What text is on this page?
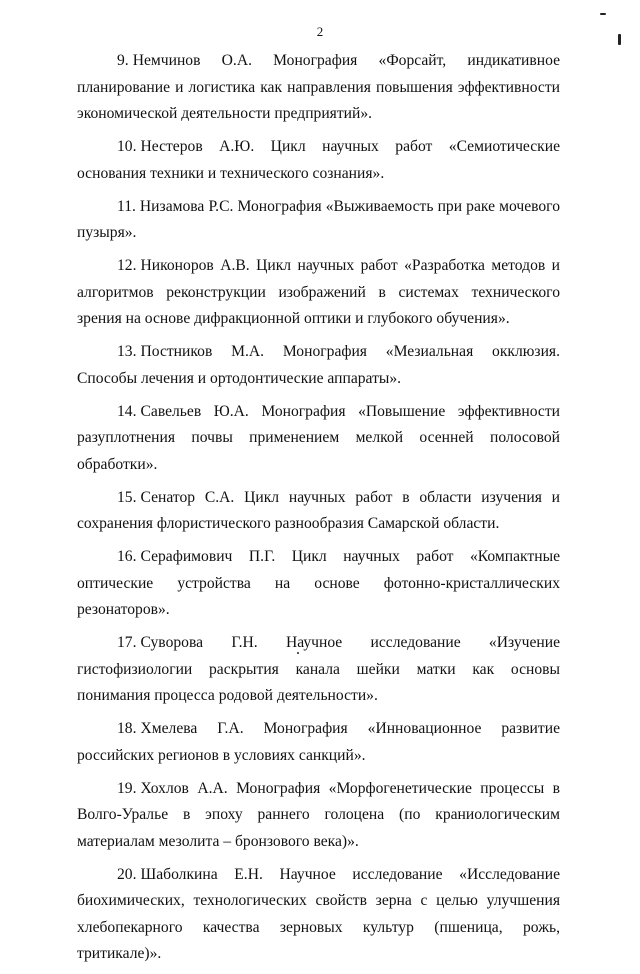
2

9. Немчинов О.А. Монография «Форсайт, индикативное планирование и логистика как направления повышения эффективности экономической деятельности предприятий».

10. Нестеров А.Ю. Цикл научных работ «Семиотические основания техники и технического сознания».

11. Низамова Р.С. Монография «Выживаемость при раке мочевого пузыря».

12. Никоноров А.В. Цикл научных работ «Разработка методов и алгоритмов реконструкции изображений в системах технического зрения на основе дифракционной оптики и глубокого обучения».

13. Постников М.А. Монография «Мезиальная окклюзия. Способы лечения и ортодонтические аппараты».

14. Савельев Ю.А. Монография «Повышение эффективности разуплотнения почвы применением мелкой осенней полосовой обработки».

15. Сенатор С.А. Цикл научных работ в области изучения и сохранения флористического разнообразия Самарской области.

16. Серафимович П.Г. Цикл научных работ «Компактные оптические устройства на основе фотонно-кристаллических резонаторов».

17. Суворова Г.Н. Научное исследование «Изучение гистофизиологии раскрытия канала шейки матки как основы понимания процесса родовой деятельности».

18. Хмелева Г.А. Монография «Инновационное развитие российских регионов в условиях санкций».

19. Хохлов А.А. Монография «Морфогенетические процессы в Волго-Уралье в эпоху раннего голоцена (по краниологическим материалам мезолита – бронзового века)».

20. Шаболкина Е.Н. Научное исследование «Исследование биохимических, технологических свойств зерна с целью улучшения хлебопекарного качества зерновых культур (пшеница, рожь, тритикале)».
